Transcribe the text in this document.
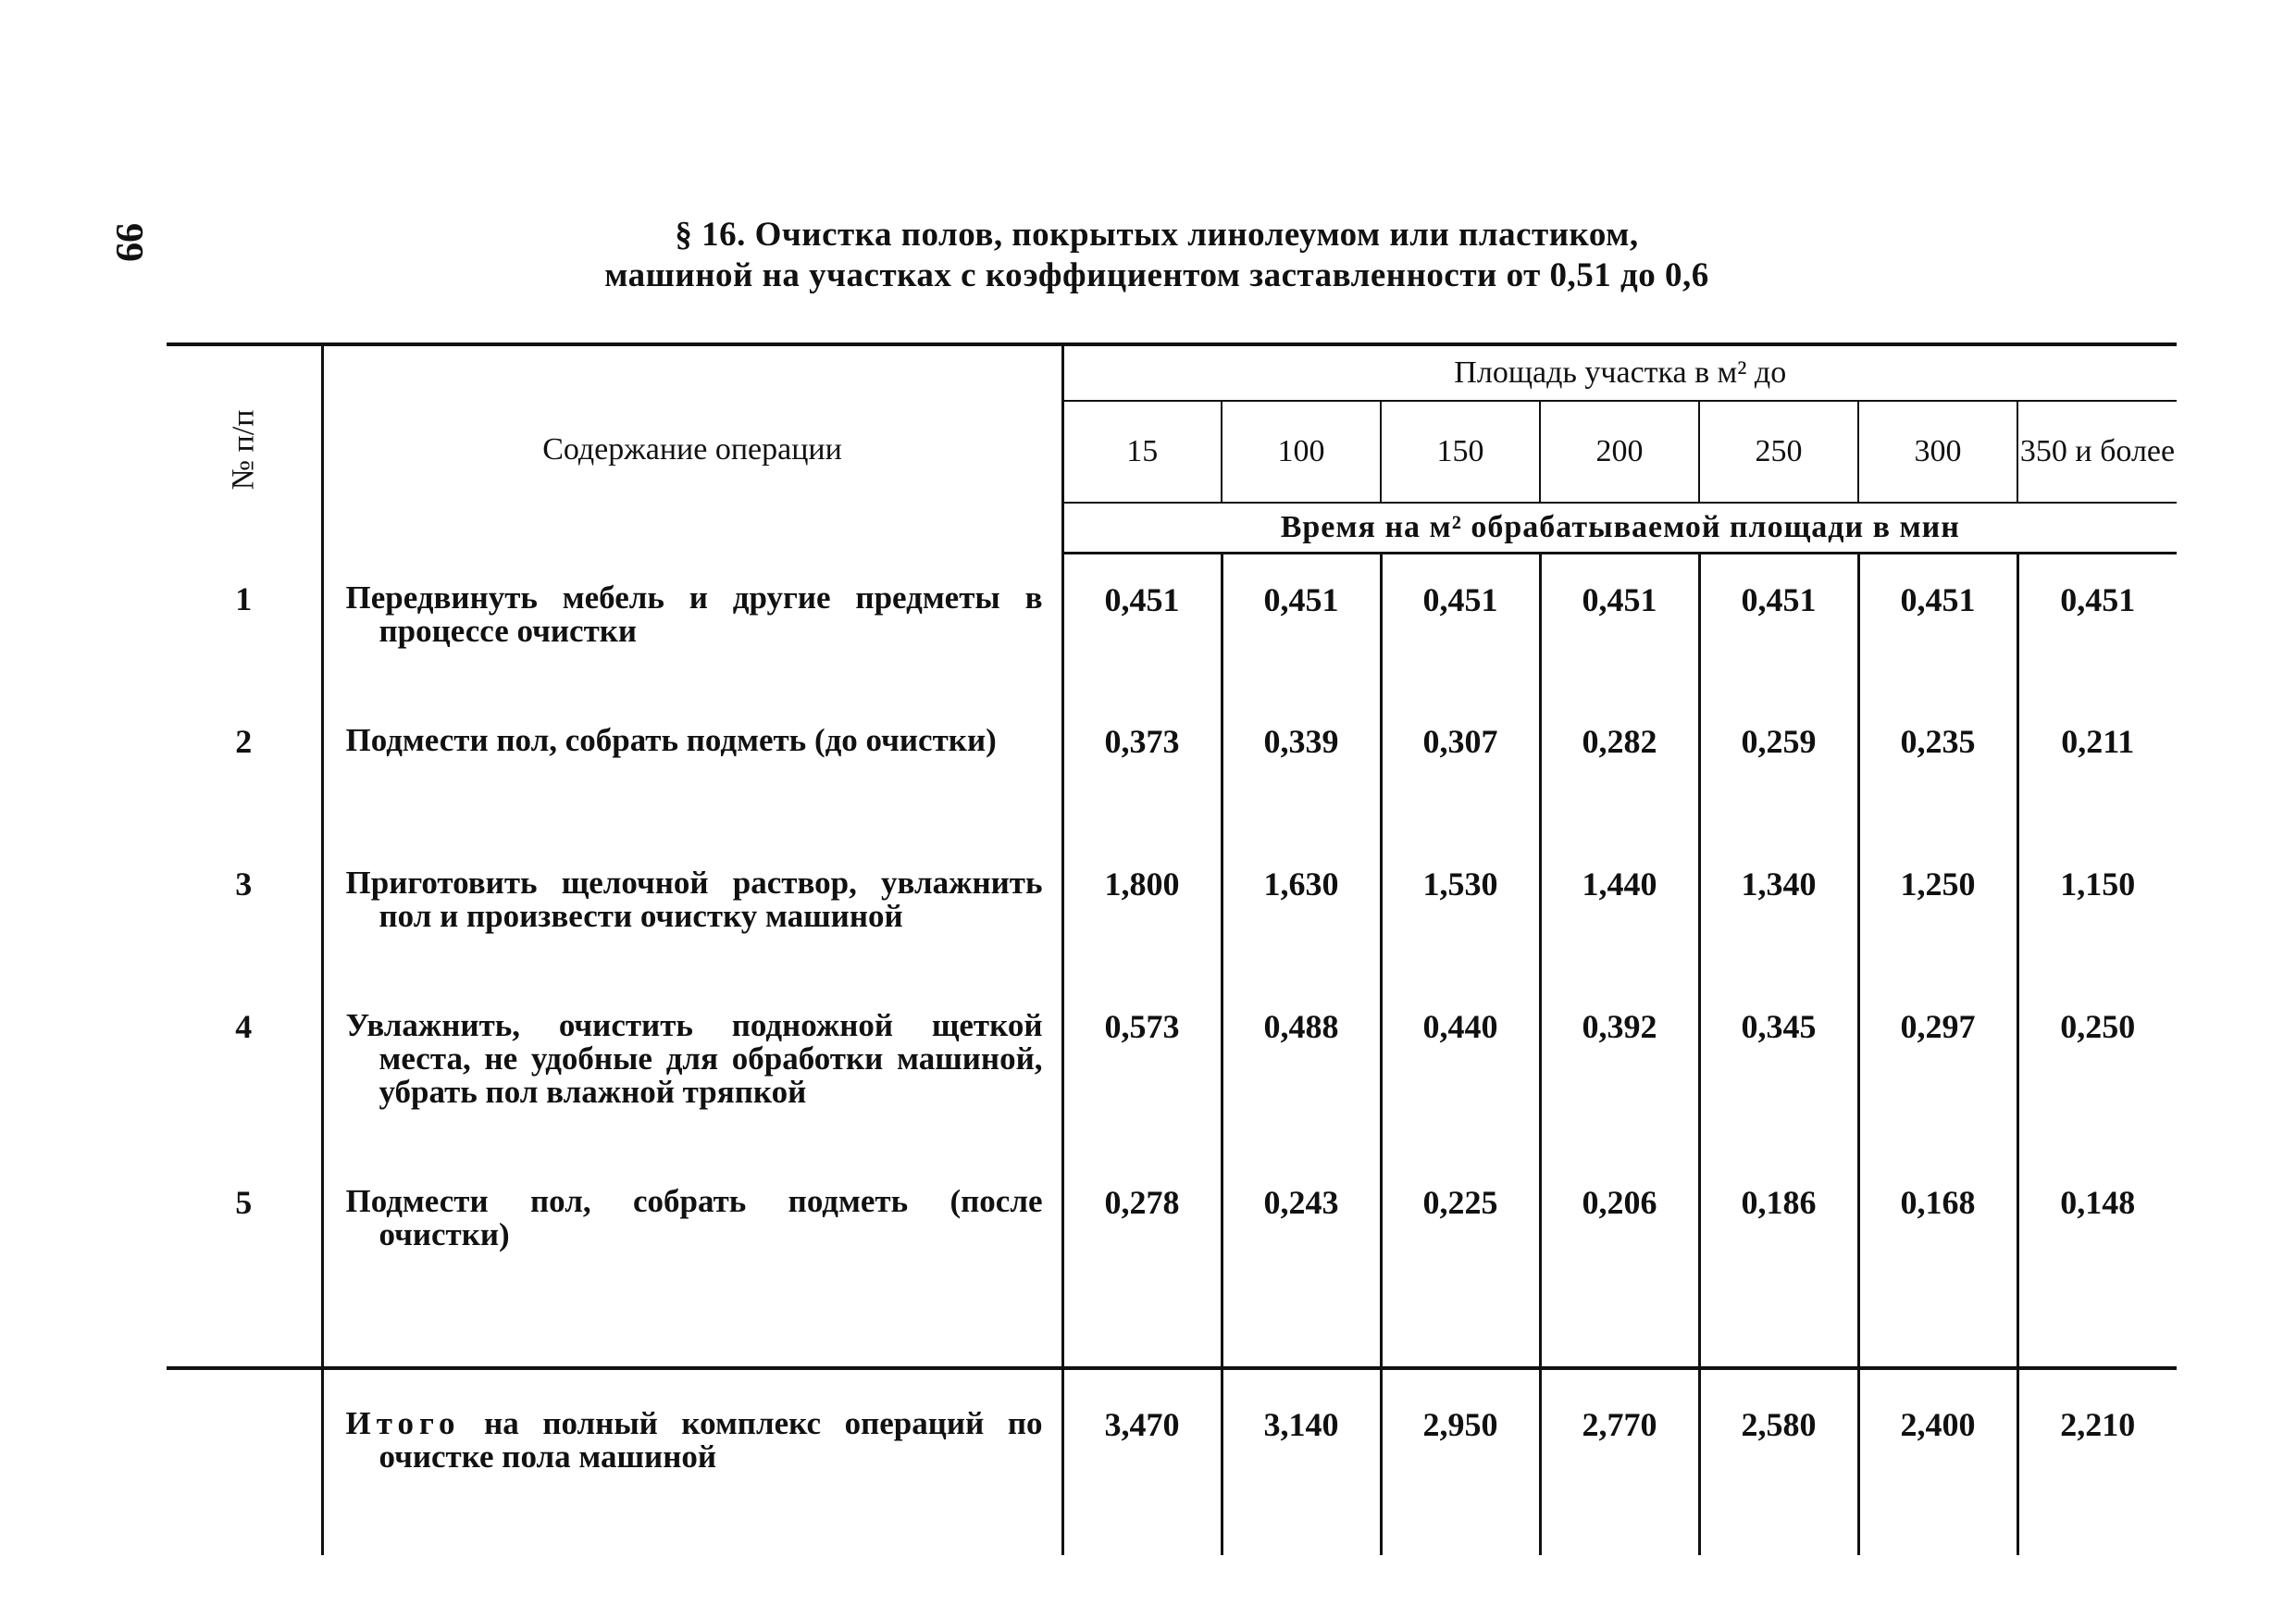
99	§ 16. Очистка полов, покрытых линолеумом или пластиком,
машиной на участках с коэффициентом заставленности от 0,51 до 0,6
№ п/п	Содержание операции	Площадь участка в м² до						
		15	100	150	200	250	300	350 и более
		Время на м² обрабатываемой площади в мин						
1	Передвинуть мебель и другие предметы в процессе очистки	0,451	0,451	0,451	0,451	0,451	0,451	0,451
2	Подмести пол, собрать подметь (до очистки)	0,373	0,339	0,307	0,282	0,259	0,235	0,211
3	Приготовить щелочной раствор, увлажнить пол и произвести очистку машиной	1,800	1,630	1,530	1,440	1,340	1,250	1,150
4	Увлажнить, очистить подножной щеткой места, не удобные для обработки машиной, убрать пол влажной тряпкой	0,573	0,488	0,440	0,392	0,345	0,297	0,250
5	Подмести пол, собрать подметь (после очистки)	0,278	0,243	0,225	0,206	0,186	0,168	0,148

	Итого на полный комплекс операций по очистке пола машиной	3,470	3,140	2,950	2,770	2,580	2,400	2,210
